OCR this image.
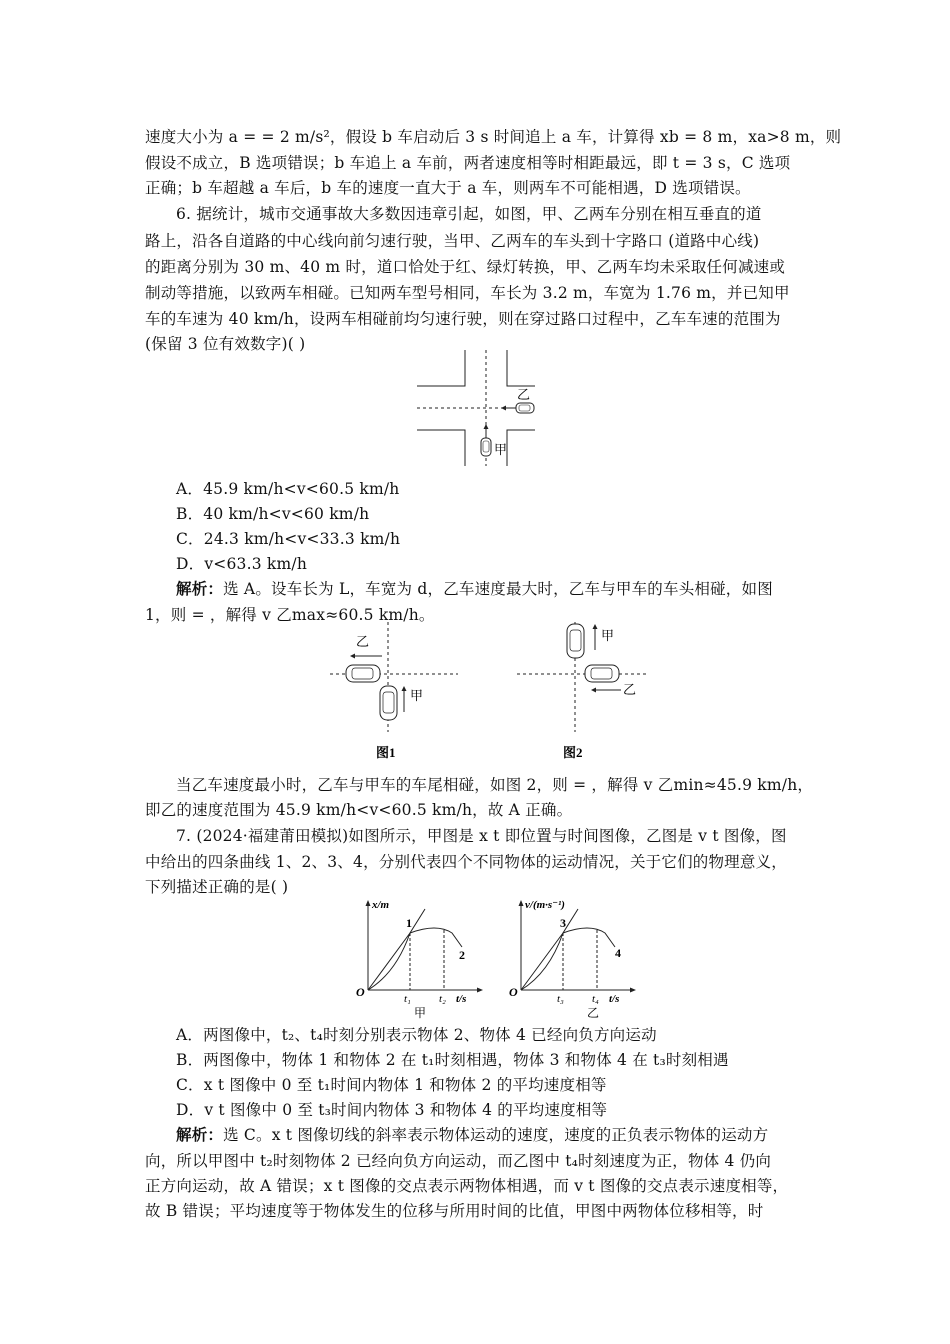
速度大小为 a = = 2 m/s²，假设 b 车启动后 3 s 时间追上 a 车，计算得 xb = 8 m，xa>8 m，则
假设不成立，B 选项错误；b 车追上 a 车前，两者速度相等时相距最远，即 t = 3 s，C 选项
正确；b 车超越 a 车后，b 车的速度一直大于 a 车，则两车不可能相遇，D 选项错误。
6. 据统计，城市交通事故大多数因违章引起，如图，甲、乙两车分别在相互垂直的道
路上，沿各自道路的中心线向前匀速行驶，当甲、乙两车的车头到十字路口 (道路中心线)
的距离分别为 30 m、40 m 时，道口恰处于红、绿灯转换，甲、乙两车均未采取任何减速或
制动等措施，以致两车相碰。已知两车型号相同，车长为 3.2 m，车宽为 1.76 m，并已知甲
车的车速为 40 km/h，设两车相碰前均匀速行驶，则在穿过路口过程中，乙车车速的范围为
(保留 3 位有效数字)( )
乙
甲
A．45.9 km/h<v<60.5 km/h
B．40 km/h<v<60 km/h
C．24.3 km/h<v<33.3 km/h
D．v<63.3 km/h
解析：选 A。设车长为 L，车宽为 d，乙车速度最大时，乙车与甲车的车头相碰，如图
1，则 = ，解得 v 乙max≈60.5 km/h。
乙
甲
图1
甲
乙
图2
当乙车速度最小时，乙车与甲车的车尾相碰，如图 2，则 = ，解得 v 乙min≈45.9 km/h，
即乙的速度范围为 45.9 km/h<v<60.5 km/h，故 A 正确。
7. (2024·福建莆田模拟)如图所示，甲图是 x t 即位置与时间图像，乙图是 v t 图像，图
中给出的四条曲线 1、2、3、4，分别代表四个不同物体的运动情况，关于它们的物理意义，
下列描述正确的是( )
x/m
O
1
2
t₁	t₂ t/s
甲
v/(m·s⁻¹)
O
3
4
t₃	t₄ t/s
乙
A．两图像中，t₂、t₄时刻分别表示物体 2、物体 4 已经向负方向运动
B．两图像中，物体 1 和物体 2 在 t₁时刻相遇，物体 3 和物体 4 在 t₃时刻相遇
C．x t 图像中 0 至 t₁时间内物体 1 和物体 2 的平均速度相等
D．v t 图像中 0 至 t₃时间内物体 3 和物体 4 的平均速度相等
解析：选 C。x t 图像切线的斜率表示物体运动的速度，速度的正负表示物体的运动方
向，所以甲图中 t₂时刻物体 2 已经向负方向运动，而乙图中 t₄时刻速度为正，物体 4 仍向
正方向运动，故 A 错误；x t 图像的交点表示两物体相遇，而 v t 图像的交点表示速度相等，
故 B 错误；平均速度等于物体发生的位移与所用时间的比值，甲图中两物体位移相等，时
